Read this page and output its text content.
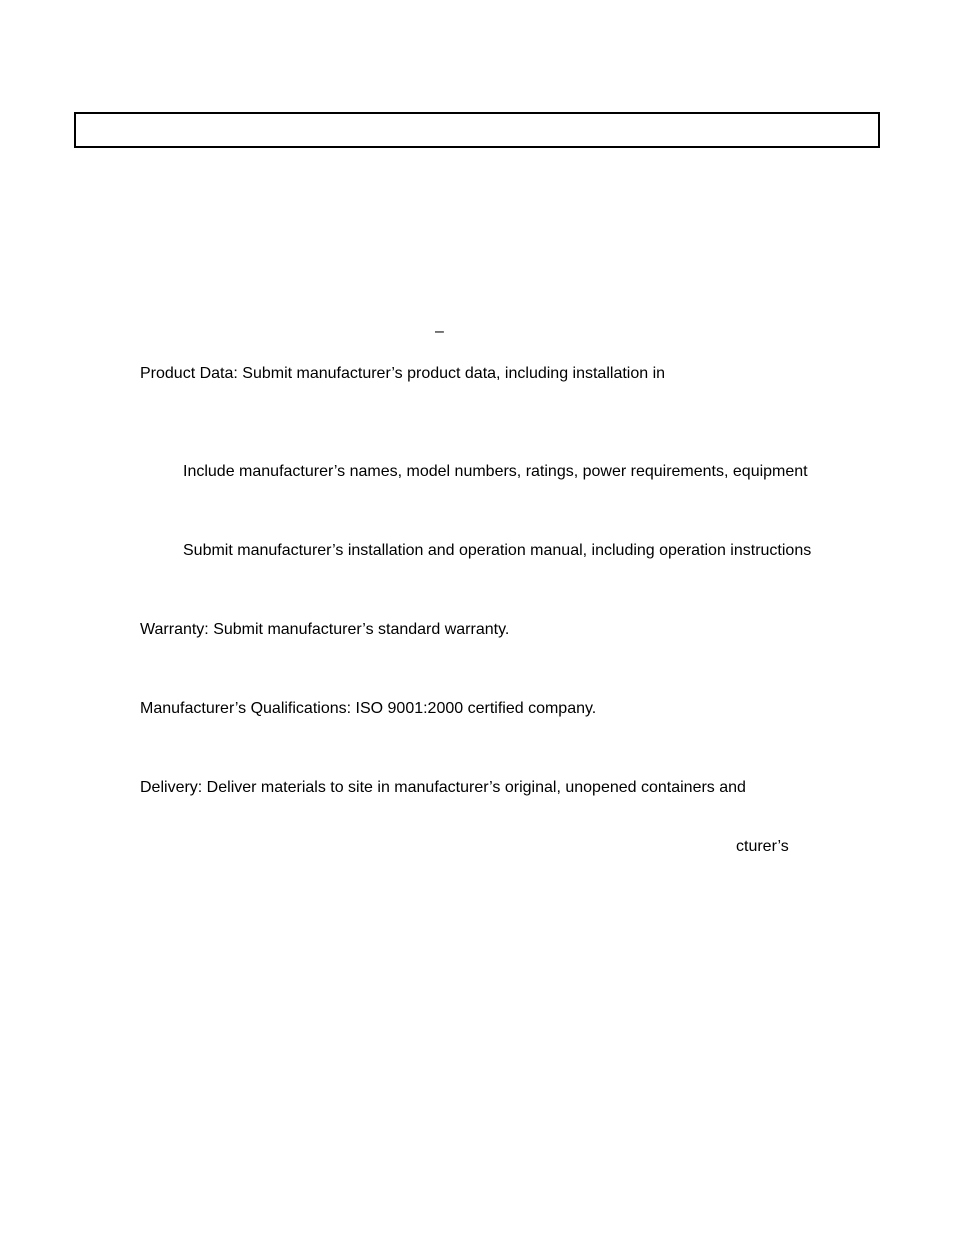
–
Product Data: Submit manufacturer’s product data, including installation in
Include manufacturer’s names, model numbers, ratings, power requirements, equipment
Submit manufacturer’s installation and operation manual, including operation instructions
Warranty: Submit manufacturer’s standard warranty.
Manufacturer’s Qualifications: ISO 9001:2000 certified company.
Delivery: Deliver materials to site in manufacturer’s original, unopened containers and
cturer’s
